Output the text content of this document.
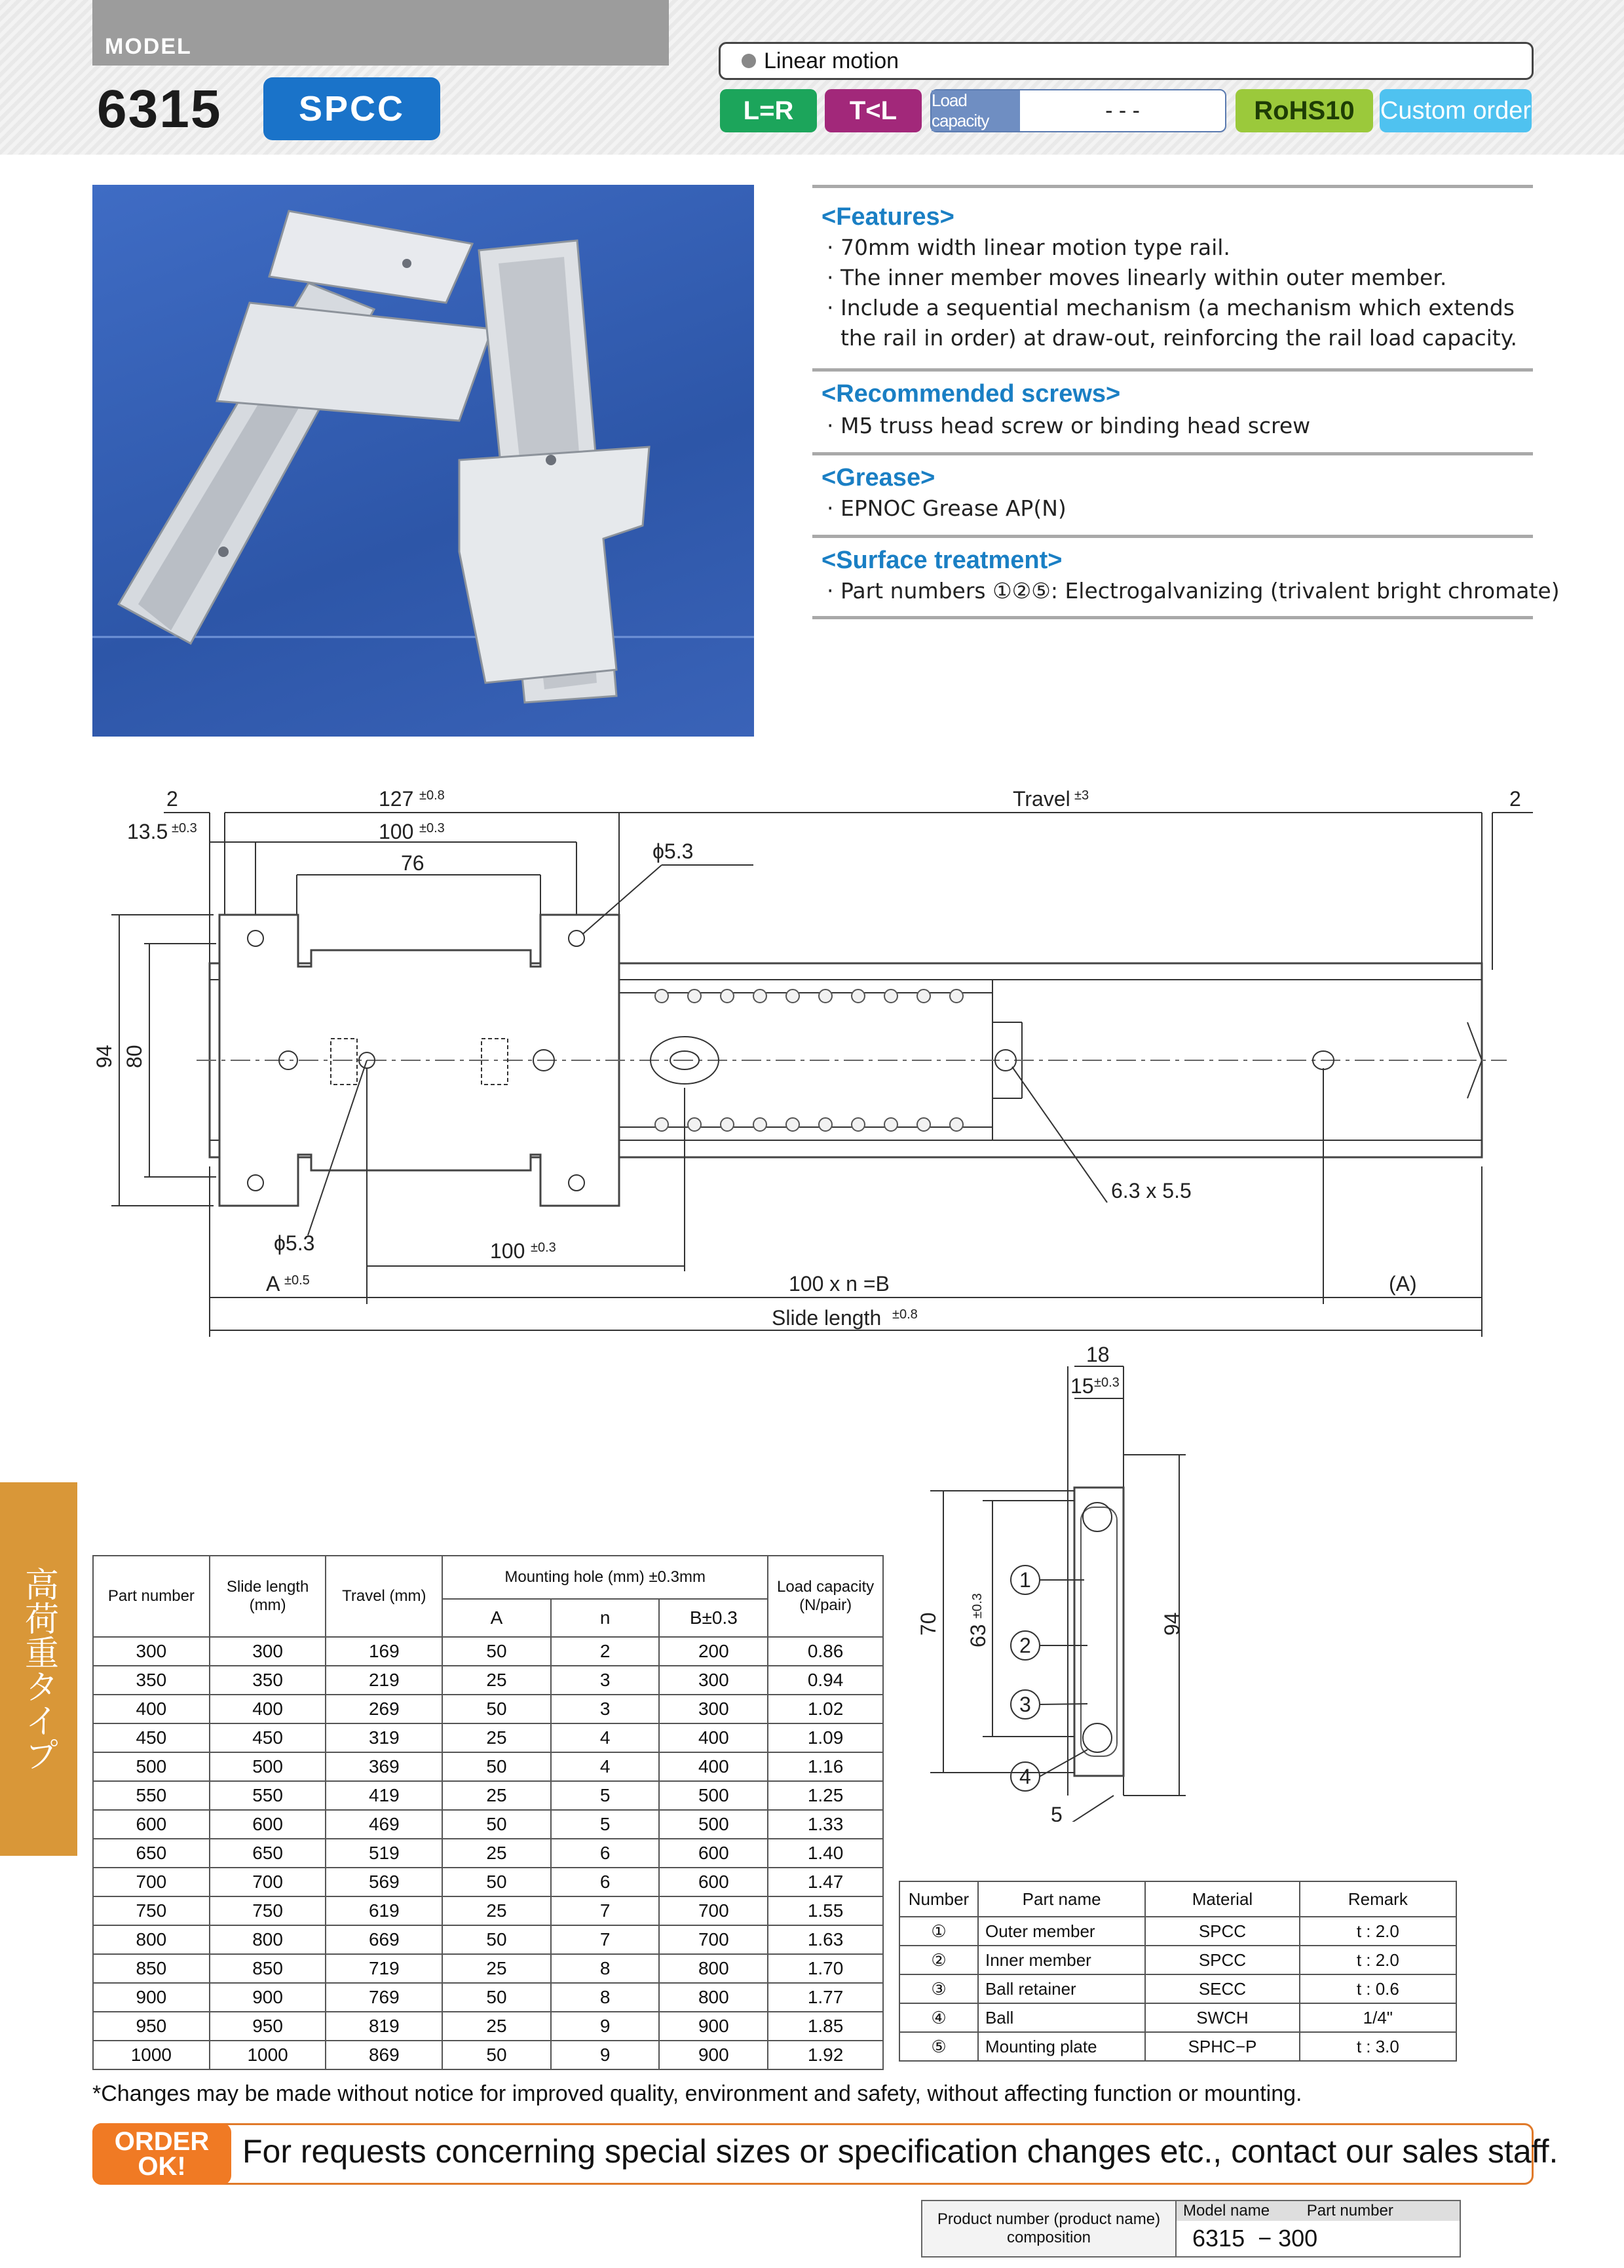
MODEL
6315	SPCC
Linear motion
L=R	T<L	Load capacity	- - -	RoHS10	Custom order
<Features>
· 70mm width linear motion type rail.
· The inner member moves linearly within outer member.
· Include a sequential mechanism (a mechanism which extends
the rail in order) at draw-out, reinforcing the rail load capacity.
<Recommended screws>
· M5 truss head screw or binding head screw
<Grease>
· EPNOC Grease AP(N)
<Surface treatment>
· Part numbers ①②⑤: Electrogalvanizing (trivalent bright chromate)
2	127 ±0.8	Travel ±3	2
13.5 ±0.3	100 ±0.3
76	ϕ5.3
94 80
6.3 x 5.5
ϕ5.3	100 ±0.3
A ±0.5	100 x n =B	(A)
Slide length ±0.8
18
15 ±0.3
70
63
±0.3
94
1
2
3
4
5
高荷重タイプ	Part number	Slide length (mm)	Travel (mm)	Mounting hole (mm) ±0.3mm			Load capacity (N/pair)
			A	n	B±0.3	
300	300	169	50	2	200	0.86
350	350	219	25	3	300	0.94
400	400	269	50	3	300	1.02
450	450	319	25	4	400	1.09
500	500	369	50	4	400	1.16
550	550	419	25	5	500	1.25
600	600	469	50	5	500	1.33
650	650	519	25	6	600	1.40
700	700	569	50	6	600	1.47
750	750	619	25	7	700	1.55
800	800	669	50	7	700	1.63
850	850	719	25	8	800	1.70
900	900	769	50	8	800	1.77
950	950	819	25	9	900	1.85
1000	1000	869	50	9	900	1.92
Number	Part name	Material	Remark
①	Outer member	SPCC	t : 2.0
②	Inner member	SPCC	t : 2.0
③	Ball retainer	SECC	t : 0.6
④	Ball	SWCH	1/4"
⑤	Mounting plate	SPHC−P	t : 3.0
*Changes may be made without notice for improved quality, environment and safety, without affecting function or mounting.
ORDER
OK!	For requests concerning special sizes or specification changes etc., contact our sales staff.
Product number (product name) composition	Model name Part number
6315  − 300
